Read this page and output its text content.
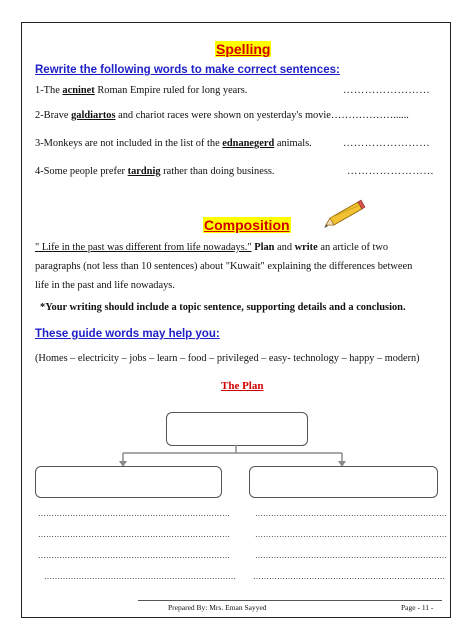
Spelling
Rewrite the following words to make correct sentences:
1-The acninet Roman Empire ruled for long years.	……………………
2-Brave galdiartos and chariot races were shown on yesterday's movie………………......
3-Monkeys are not included in the list of the ednanegerd animals.	……………………
4-Some people prefer tardnig rather than doing business.	……………………
Composition
" Life in the past was different from life nowadays." Plan and write an article of two
paragraphs (not less than 10 sentences) about "Kuwait" explaining the differences between
life in the past and life nowadays.
*Your writing should include a topic sentence, supporting details and a conclusion.
These guide words may help you:
(Homes – electricity – jobs – learn – food – privileged – easy- technology – happy – modern)
The Plan
………………………………………………………………	………………………………………………………………
………………………………………………………………	………………………………………………………………
………………………………………………………………	………………………………………………………………
……………………………………………………………… ………………………………………………………………
Prepared By: Mrs. Eman Sayyed	Page - 11 -
